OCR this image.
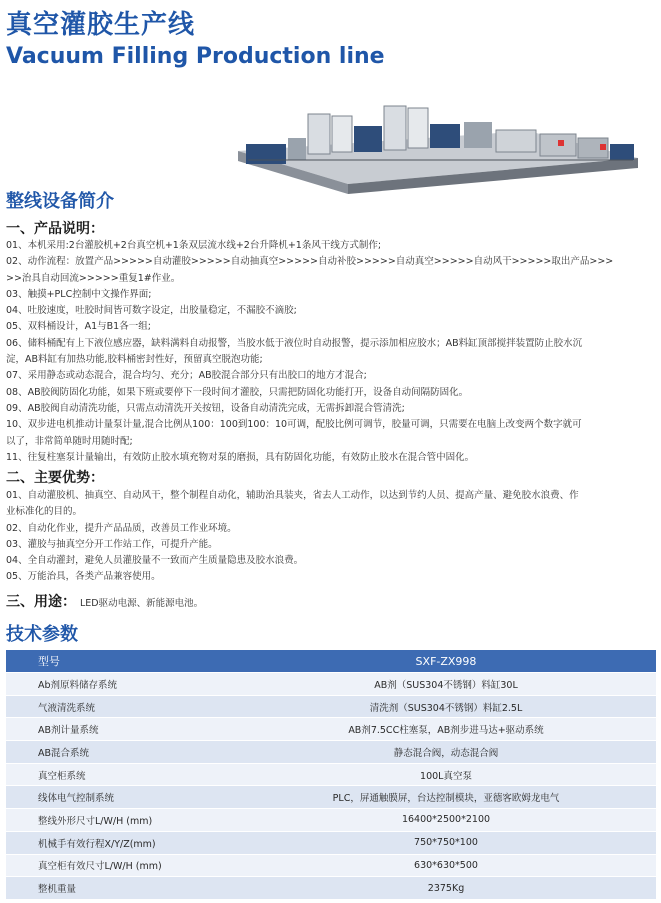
真空灌胶生产线
Vacuum Filling Production line
整线设备简介
一、产品说明：

01、本机采用:2台灌胶机+2台真空机+1条双层流水线+2台升降机+1条风干线方式制作;

02、动作流程：放置产品>>>>>自动灌胶>>>>>自动抽真空>>>>>自动补胶>>>>>自动真空>>>>>自动风干>>>>>取出产品>>>

>>治具自动回流>>>>>重复1#作业。

03、触摸+PLC控制中文操作界面;

04、吐胶速度，吐胶时间皆可数字设定，出胶量稳定，不漏胶不滴胶;

05、双料桶设计，A1与B1各一组;

06、储料桶配有上下液位感应器，缺料满料自动报警，当胶水低于液位时自动报警，提示添加相应胶水；AB料缸顶部搅拌装置防止胶水沉

淀，AB料缸有加热功能,胶料桶密封性好，预留真空脱泡功能;

07、采用静态或动态混合，混合均匀、充分；AB胶混合部分只有出胶口的地方才混合;

08、AB胶阀防固化功能，如果下班或要停下一段时间才灌胶，只需把防固化功能打开，设备自动间隔防固化。

09、AB胶阀自动清洗功能，只需点动清洗开关按钮，设备自动清洗完成，无需拆卸混合管清洗;

10、双步进电机推动计量泵计量,混合比例从100：100到100：10可调，配胶比例可调节，胶量可调，只需要在电脑上改变两个数字就可

以了，非常简单随时用随时配;

11、往复柱塞泵计量输出，有效防止胶水填充物对泵的磨损，具有防固化功能，有效防止胶水在混合管中固化。

二、主要优势：

01、自动灌胶机、抽真空、自动风干，整个制程自动化，辅助治具装夹，省去人工动作，以达到节约人员、提高产量、避免胶水浪费、作

业标准化的目的。

02、自动化作业，提升产品品质，改善员工作业环境。

03、灌胶与抽真空分开工作站工作，可提升产能。

04、全自动灌封，避免人员灌胶量不一致而产生质量隐患及胶水浪费。

05、万能治具，各类产品兼容使用。

三、用途： LED驱动电源、新能源电池。
技术参数
型号	SXF-ZX998
Ab剂原料储存系统	AB剂（SUS304不锈钢）料缸30L
气液清洗系统	清洗剂（SUS304不锈钢）料缸2.5L
AB剂计量系统	AB剂7.5CC柱塞泵，AB剂步进马达+驱动系统
AB混合系统	静态混合阀，动态混合阀
真空柜系统	100L真空泵
线体电气控制系统	PLC，屏通触膜屏，台达控制模块，亚德客欧姆龙电气
整线外形尺寸L/W/H (mm)	16400*2500*2100
机械手有效行程X/Y/Z(mm)	750*750*100
真空柜有效尺寸L/W/H (mm)	630*630*500
整机重量	2375Kg
